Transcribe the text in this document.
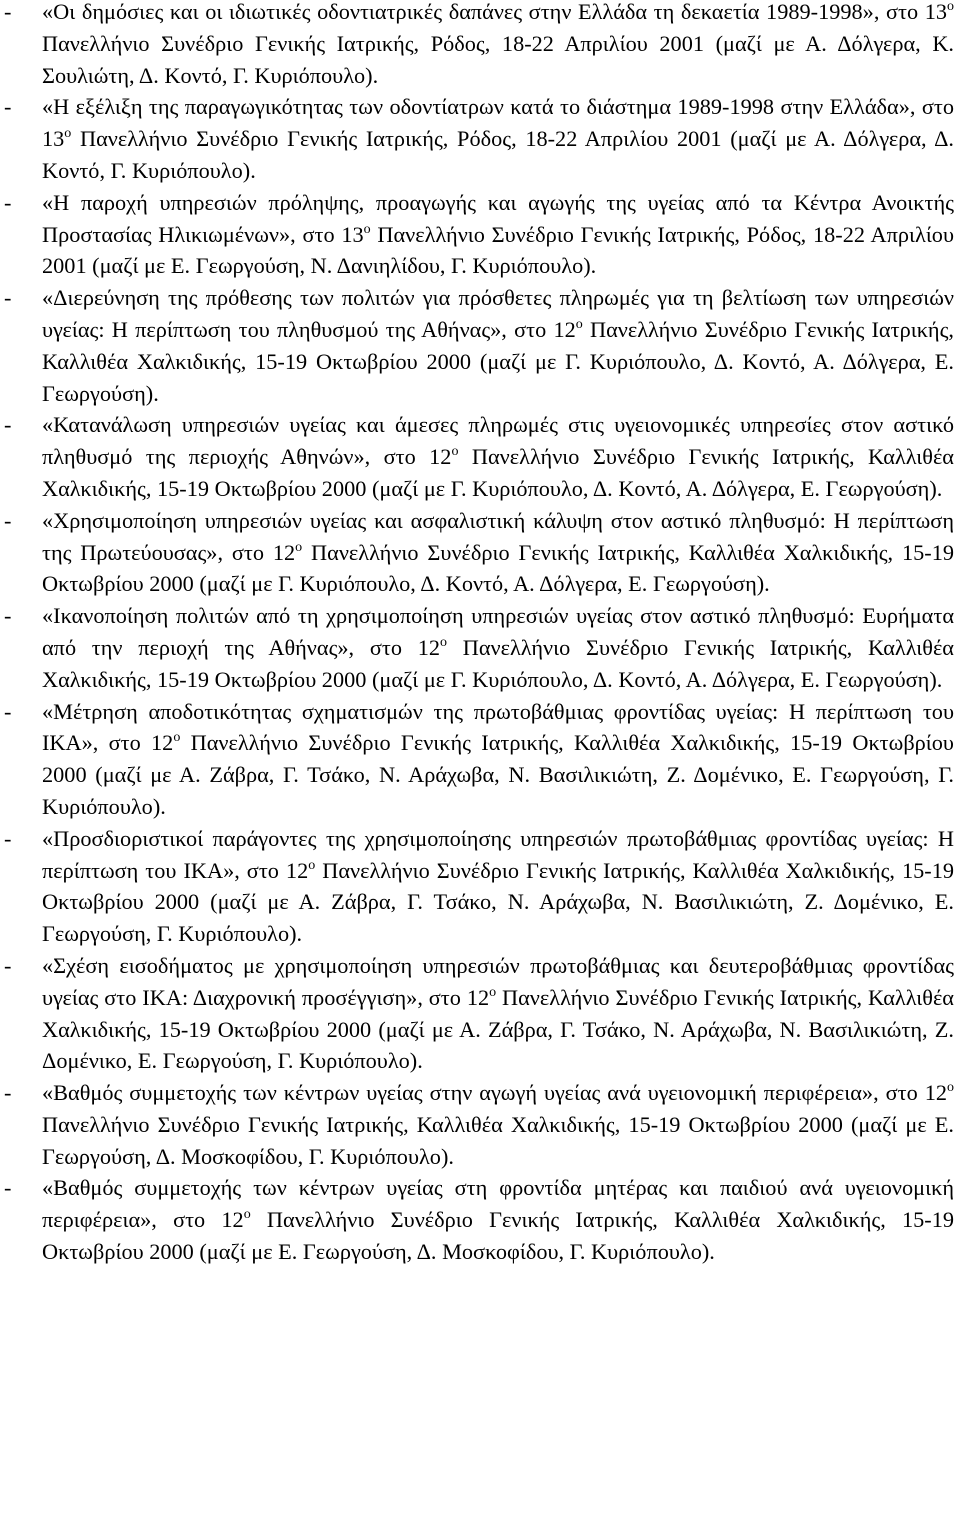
- «Οι δημόσιες και οι ιδιωτικές οδοντιατρικές δαπάνες στην Ελλάδα τη δεκαετία 1989-1998», στο $13^o$ Πανελλήνιο Συνέδριο Γενικής Ιατρικής, Ρόδος, 18-22 Απριλίου 2001 (μαζί με Α. Δόλγερα, Κ. Σουλιώτη, Δ. Κοντό, Γ. Κυριόπουλο).
- «Η εξέλιξη της παραγωγικότητας των οδοντίατρων κατά το διάστημα 1989-1998 στην Ελλάδα», στο $13^o$ Πανελλήνιο Συνέδριο Γενικής Ιατρικής, Ρόδος, 18-22 Απριλίου 2001 (μαζί με Α. Δόλγερα, Δ. Κοντό, Γ. Κυριόπουλο).
- «Η παροχή υπηρεσιών πρόληψης, προαγωγής και αγωγής της υγείας από τα Κέντρα Ανοικτής Προστασίας Ηλικιωμένων», στο $13^o$ Πανελλήνιο Συνέδριο Γενικής Ιατρικής, Ρόδος, 18-22 Απριλίου 2001 (μαζί με Ε. Γεωργούση, Ν. Δανιηλίδου, Γ. Κυριόπουλο).
- «Διερεύνηση της πρόθεσης των πολιτών για πρόσθετες πληρωμές για τη βελτίωση των υπηρεσιών υγείας: Η περίπτωση του πληθυσμού της Αθήνας», στο $12^o$ Πανελλήνιο Συνέδριο Γενικής Ιατρικής, Καλλιθέα Χαλκιδικής, 15-19 Οκτωβρίου 2000 (μαζί με Γ. Κυριόπουλο, Δ. Κοντό, Α. Δόλγερα, Ε. Γεωργούση).
- «Κατανάλωση υπηρεσιών υγείας και άμεσες πληρωμές στις υγειονομικές υπηρεσίες στον αστικό πληθυσμό της περιοχής Αθηνών», στο $12^o$ Πανελλήνιο Συνέδριο Γενικής Ιατρικής, Καλλιθέα Χαλκιδικής, 15-19 Οκτωβρίου 2000 (μαζί με Γ. Κυριόπουλο, Δ. Κοντό, Α. Δόλγερα, Ε. Γεωργούση).
- «Χρησιμοποίηση υπηρεσιών υγείας και ασφαλιστική κάλυψη στον αστικό πληθυσμό: Η περίπτωση της Πρωτεύουσας», στο $12^o$ Πανελλήνιο Συνέδριο Γενικής Ιατρικής, Καλλιθέα Χαλκιδικής, 15-19 Οκτωβρίου 2000 (μαζί με Γ. Κυριόπουλο, Δ. Κοντό, Α. Δόλγερα, Ε. Γεωργούση).
- «Ικανοποίηση πολιτών από τη χρησιμοποίηση υπηρεσιών υγείας στον αστικό πληθυσμό: Ευρήματα από την περιοχή της Αθήνας», στο $12^o$ Πανελλήνιο Συνέδριο Γενικής Ιατρικής, Καλλιθέα Χαλκιδικής, 15-19 Οκτωβρίου 2000 (μαζί με Γ. Κυριόπουλο, Δ. Κοντό, Α. Δόλγερα, Ε. Γεωργούση).
- «Μέτρηση αποδοτικότητας σχηματισμών της πρωτοβάθμιας φροντίδας υγείας: Η περίπτωση του ΙΚΑ», στο $12^o$ Πανελλήνιο Συνέδριο Γενικής Ιατρικής, Καλλιθέα Χαλκιδικής, 15-19 Οκτωβρίου 2000 (μαζί με Α. Ζάβρα, Γ. Τσάκο, Ν. Αράχωβα, Ν. Βασιλικιώτη, Ζ. Δομένικο, Ε. Γεωργούση, Γ. Κυριόπουλο).
- «Προσδιοριστικοί παράγοντες της χρησιμοποίησης υπηρεσιών πρωτοβάθμιας φροντίδας υγείας: Η περίπτωση του ΙΚΑ», στο $12^o$ Πανελλήνιο Συνέδριο Γενικής Ιατρικής, Καλλιθέα Χαλκιδικής, 15-19 Οκτωβρίου 2000 (μαζί με Α. Ζάβρα, Γ. Τσάκο, Ν. Αράχωβα, Ν. Βασιλικιώτη, Ζ. Δομένικο, Ε. Γεωργούση, Γ. Κυριόπουλο).
- «Σχέση εισοδήματος με χρησιμοποίηση υπηρεσιών πρωτοβάθμιας και δευτεροβάθμιας φροντίδας υγείας στο ΙΚΑ: Διαχρονική προσέγγιση», στο $12^o$ Πανελλήνιο Συνέδριο Γενικής Ιατρικής, Καλλιθέα Χαλκιδικής, 15-19 Οκτωβρίου 2000 (μαζί με Α. Ζάβρα, Γ. Τσάκο, Ν. Αράχωβα, Ν. Βασιλικιώτη, Ζ. Δομένικο, Ε. Γεωργούση, Γ. Κυριόπουλο).
- «Βαθμός συμμετοχής των κέντρων υγείας στην αγωγή υγείας ανά υγειονομική περιφέρεια», στο $12^o$ Πανελλήνιο Συνέδριο Γενικής Ιατρικής, Καλλιθέα Χαλκιδικής, 15-19 Οκτωβρίου 2000 (μαζί με Ε. Γεωργούση, Δ. Μοσκοφίδου, Γ. Κυριόπουλο).
- «Βαθμός συμμετοχής των κέντρων υγείας στη φροντίδα μητέρας και παιδιού ανά υγειονομική περιφέρεια», στο $12^o$ Πανελλήνιο Συνέδριο Γενικής Ιατρικής, Καλλιθέα Χαλκιδικής, 15-19 Οκτωβρίου 2000 (μαζί με Ε. Γεωργούση, Δ. Μοσκοφίδου, Γ. Κυριόπουλο).
